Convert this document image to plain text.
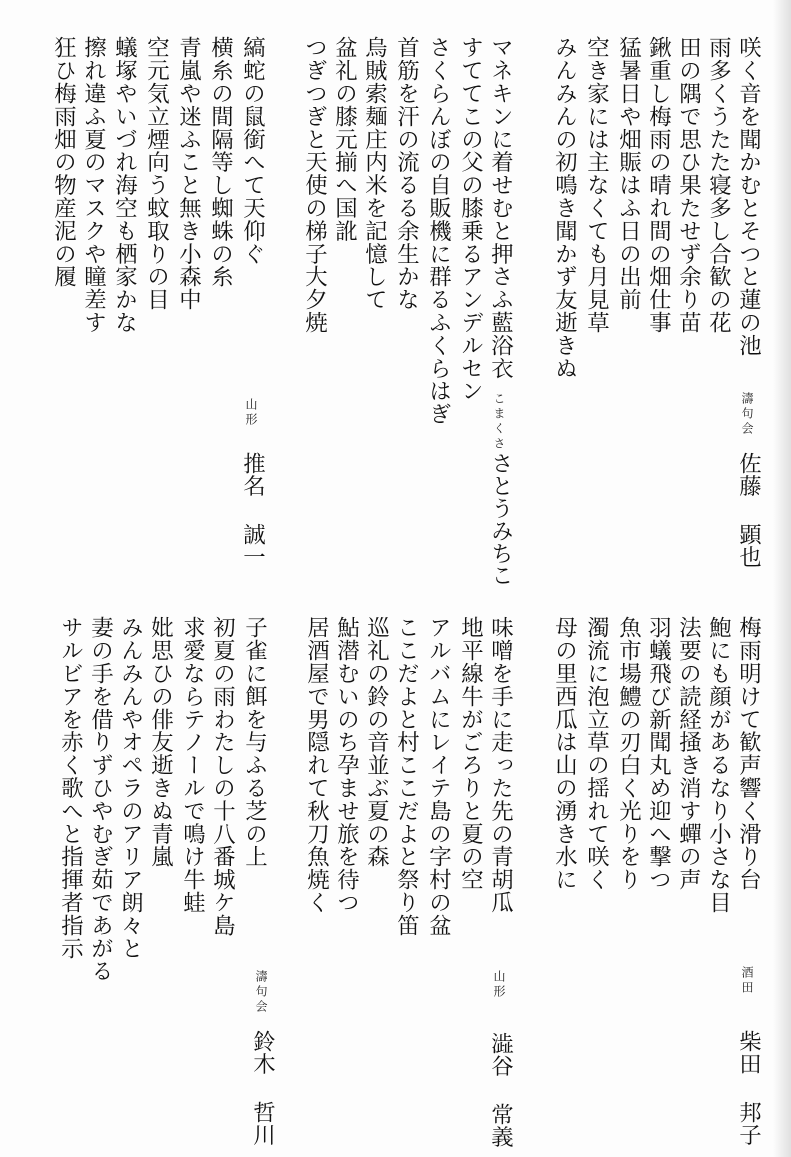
咲く音を聞かむとそつと蓮の池
雨多くうたた寝多し合歓の花
田の隅で思ひ果たせず余り苗
鍬重し梅雨の晴れ間の畑仕事
猛暑日や畑賑はふ日の出前
空き家には主なくても月見草
みんみんの初鳴き聞かず友逝きぬ
濤句会
佐藤顕也
マネキンに着せむと押さふ藍浴衣
すててこの父の膝乗るアンデルセン
さくらんぼの自販機に群るふくらはぎ
首筋を汗の流るる余生かな
烏賊索麺庄内米を記憶して
盆礼の膝元揃へ国訛
つぎつぎと天使の梯子大夕焼
こまくさ
さとうみちこ
縞蛇の鼠銜へて天仰ぐ
横糸の間隔等し蜘蛛の糸
青嵐や迷ふこと無き小森中
空元気立煙向う蚊取りの目
蟻塚やいづれ海空も栖家かな
擦れ違ふ夏のマスクや瞳差す
狂ひ梅雨畑の物産泥の履
山形
推名誠一
梅雨明けて歓声響く滑り台
鮑にも顔があるなり小さな目
法要の読経掻き消す蟬の声
羽蟻飛び新聞丸め迎へ撃つ
魚市場鱧の刃白く光りをり
濁流に泡立草の揺れて咲く
母の里西瓜は山の湧き水に
酒田
柴田邦子
味噌を手に走った先の青胡瓜
地平線牛がごろりと夏の空
アルバムにレイテ島の字村の盆
ここだよと村ここだよと祭り笛
巡礼の鈴の音並ぶ夏の森
鮎潜むいのち孕ませ旅を待つ
居酒屋で男隠れて秋刀魚焼く
山形
澁谷常義
子雀に餌を与ふる芝の上
初夏の雨わたしの十八番城ケ島
求愛ならテノールで鳴け牛蛙
妣思ひの俳友逝きぬ青嵐
みんみんやオペラのアリア朗々と
妻の手を借りずひやむぎ茹であがる
サルビアを赤く歌へと指揮者指示
濤句会
鈴木哲川
